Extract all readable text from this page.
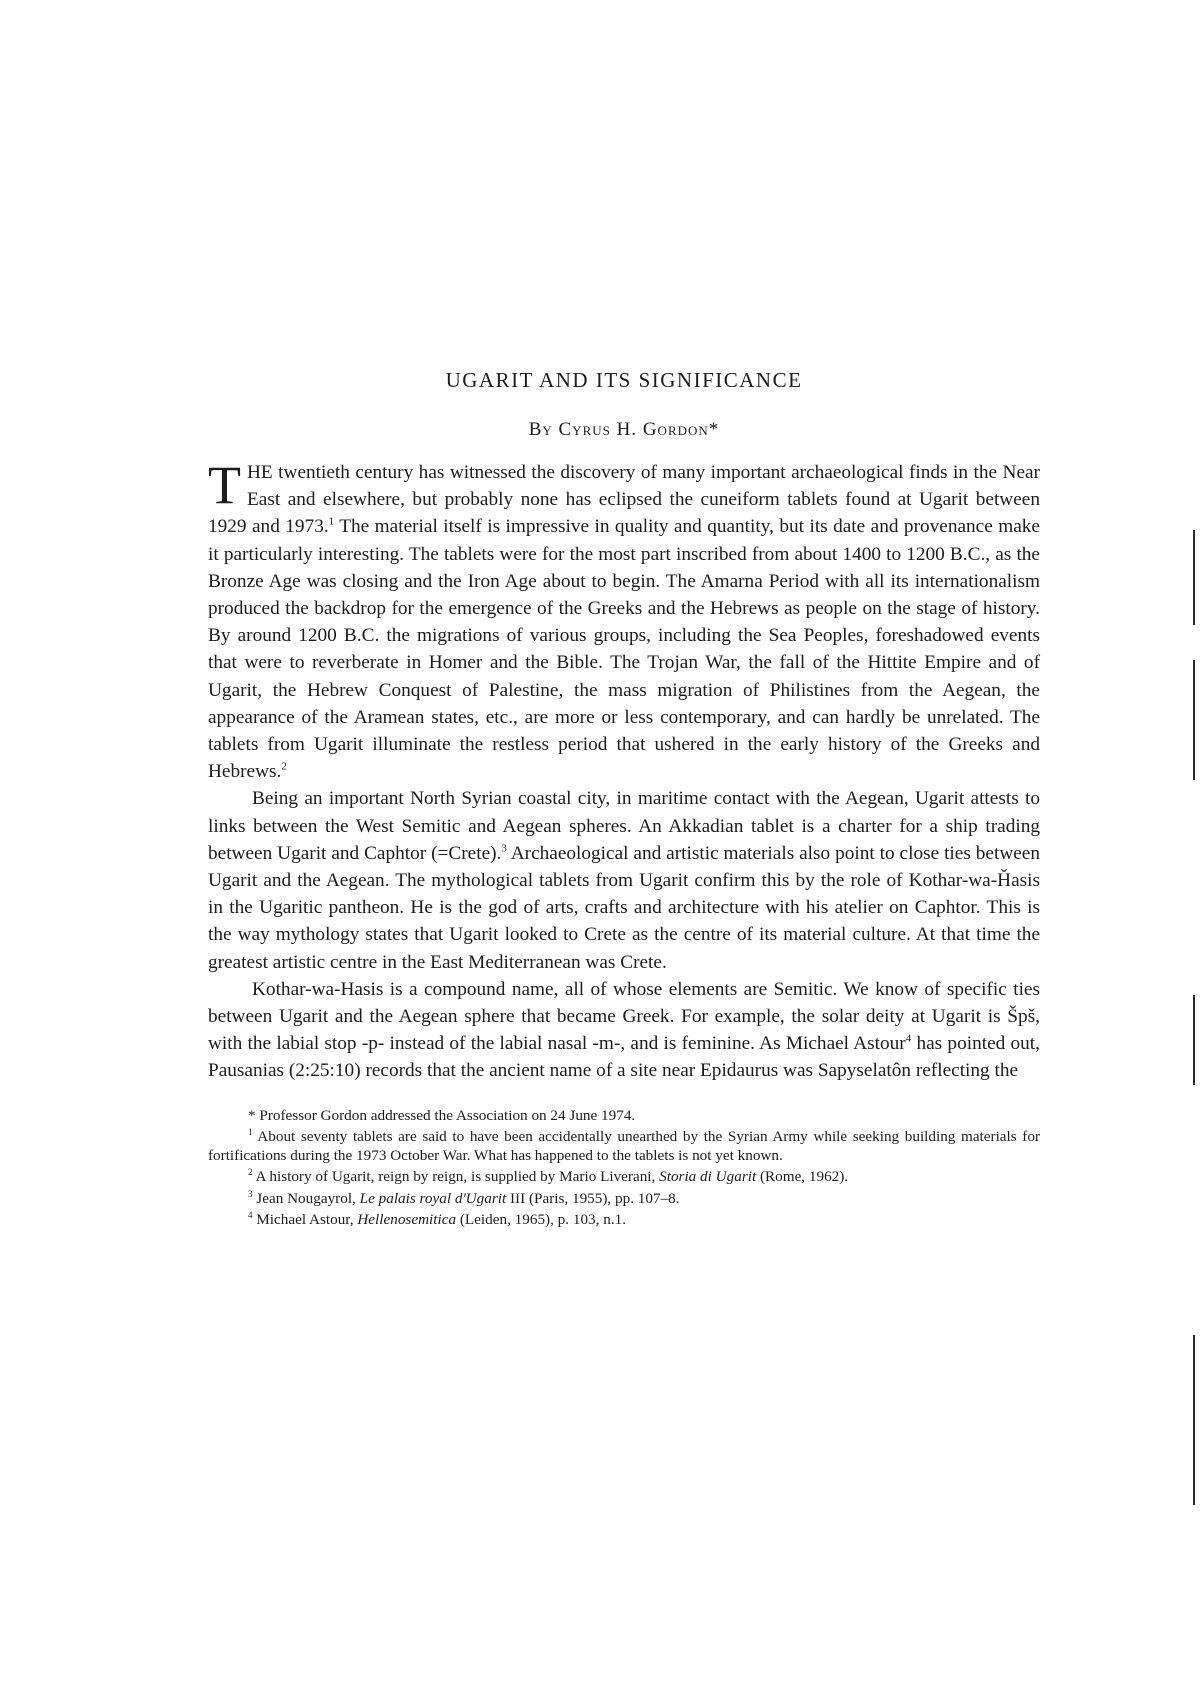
UGARIT AND ITS SIGNIFICANCE
By Cyrus H. Gordon*

THE twentieth century has witnessed the discovery of many important archaeological finds in the Near East and elsewhere, but probably none has eclipsed the cuneiform tablets found at Ugarit between 1929 and 1973.$^1$ The material itself is impressive in quality and quantity, but its date and provenance make it particularly interesting. The tablets were for the most part inscribed from about 1400 to 1200 B.C., as the Bronze Age was closing and the Iron Age about to begin. The Amarna Period with all its internationalism produced the backdrop for the emergence of the Greeks and the Hebrews as people on the stage of history. By around 1200 B.C. the migrations of various groups, including the Sea Peoples, foreshadowed events that were to reverberate in Homer and the Bible. The Trojan War, the fall of the Hittite Empire and of Ugarit, the Hebrew Conquest of Palestine, the mass migration of Philistines from the Aegean, the appearance of the Aramean states, etc., are more or less contemporary, and can hardly be unrelated. The tablets from Ugarit illuminate the restless period that ushered in the early history of the Greeks and Hebrews.$^2$

Being an important North Syrian coastal city, in maritime contact with the Aegean, Ugarit attests to links between the West Semitic and Aegean spheres. An Akkadian tablet is a charter for a ship trading between Ugarit and Caphtor (=Crete).$^3$ Archaeological and artistic materials also point to close ties between Ugarit and the Aegean. The mythological tablets from Ugarit confirm this by the role of Kothar-wa-Ȟasis in the Ugaritic pantheon. He is the god of arts, crafts and architecture with his atelier on Caphtor. This is the way mythology states that Ugarit looked to Crete as the centre of its material culture. At that time the greatest artistic centre in the East Mediterranean was Crete.

Kothar-wa-Hasis is a compound name, all of whose elements are Semitic. We know of specific ties between Ugarit and the Aegean sphere that became Greek. For example, the solar deity at Ugarit is Špš, with the labial stop -p- instead of the labial nasal -m-, and is feminine. As Michael Astour$^4$ has pointed out, Pausanias (2:25:10) records that the ancient name of a site near Epidaurus was Sapyselatôn reflecting the

* Professor Gordon addressed the Association on 24 June 1974.

$^1$ About seventy tablets are said to have been accidentally unearthed by the Syrian Army while seeking building materials for fortifications during the 1973 October War. What has happened to the tablets is not yet known.

$^2$ A history of Ugarit, reign by reign, is supplied by Mario Liverani, Storia di Ugarit (Rome, 1962).

$^3$ Jean Nougayrol, Le palais royal d'Ugarit III (Paris, 1955), pp. 107–8.

$^4$ Michael Astour, Hellenosemitica (Leiden, 1965), p. 103, n.1.
